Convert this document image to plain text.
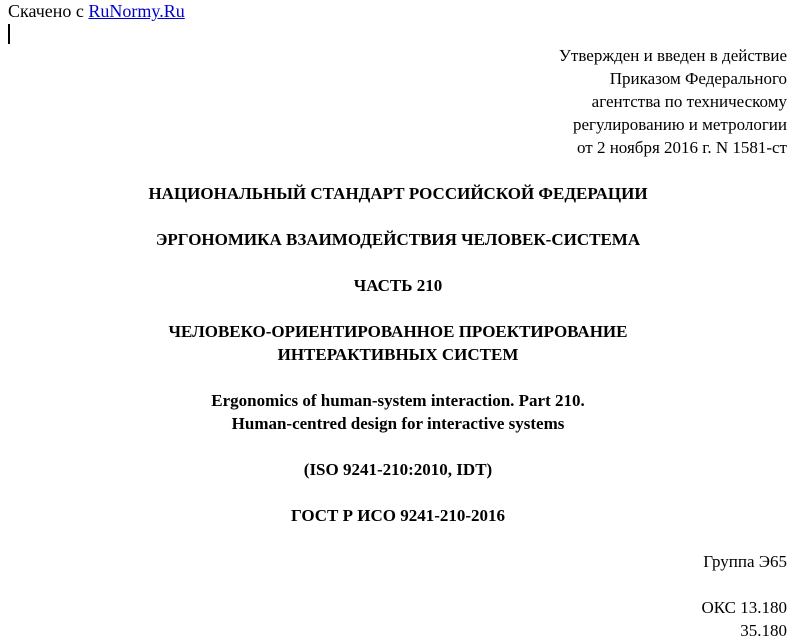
Скачено с RuNormy.Ru
Утвержден и введен в действие
Приказом Федерального
агентства по техническому
регулированию и метрологии
от 2 ноября 2016 г. N 1581-ст
НАЦИОНАЛЬНЫЙ СТАНДАРТ РОССИЙСКОЙ ФЕДЕРАЦИИ
ЭРГОНОМИКА ВЗАИМОДЕЙСТВИЯ ЧЕЛОВЕК-СИСТЕМА
ЧАСТЬ 210
ЧЕЛОВЕКО-ОРИЕНТИРОВАННОЕ ПРОЕКТИРОВАНИЕ
ИНТЕРАКТИВНЫХ СИСТЕМ
Ergonomics of human-system interaction. Part 210.
Human-centred design for interactive systems
(ISO 9241-210:2010, IDT)
ГОСТ Р ИСО 9241-210-2016
Группа Э65
ОКС 13.180
35.180
